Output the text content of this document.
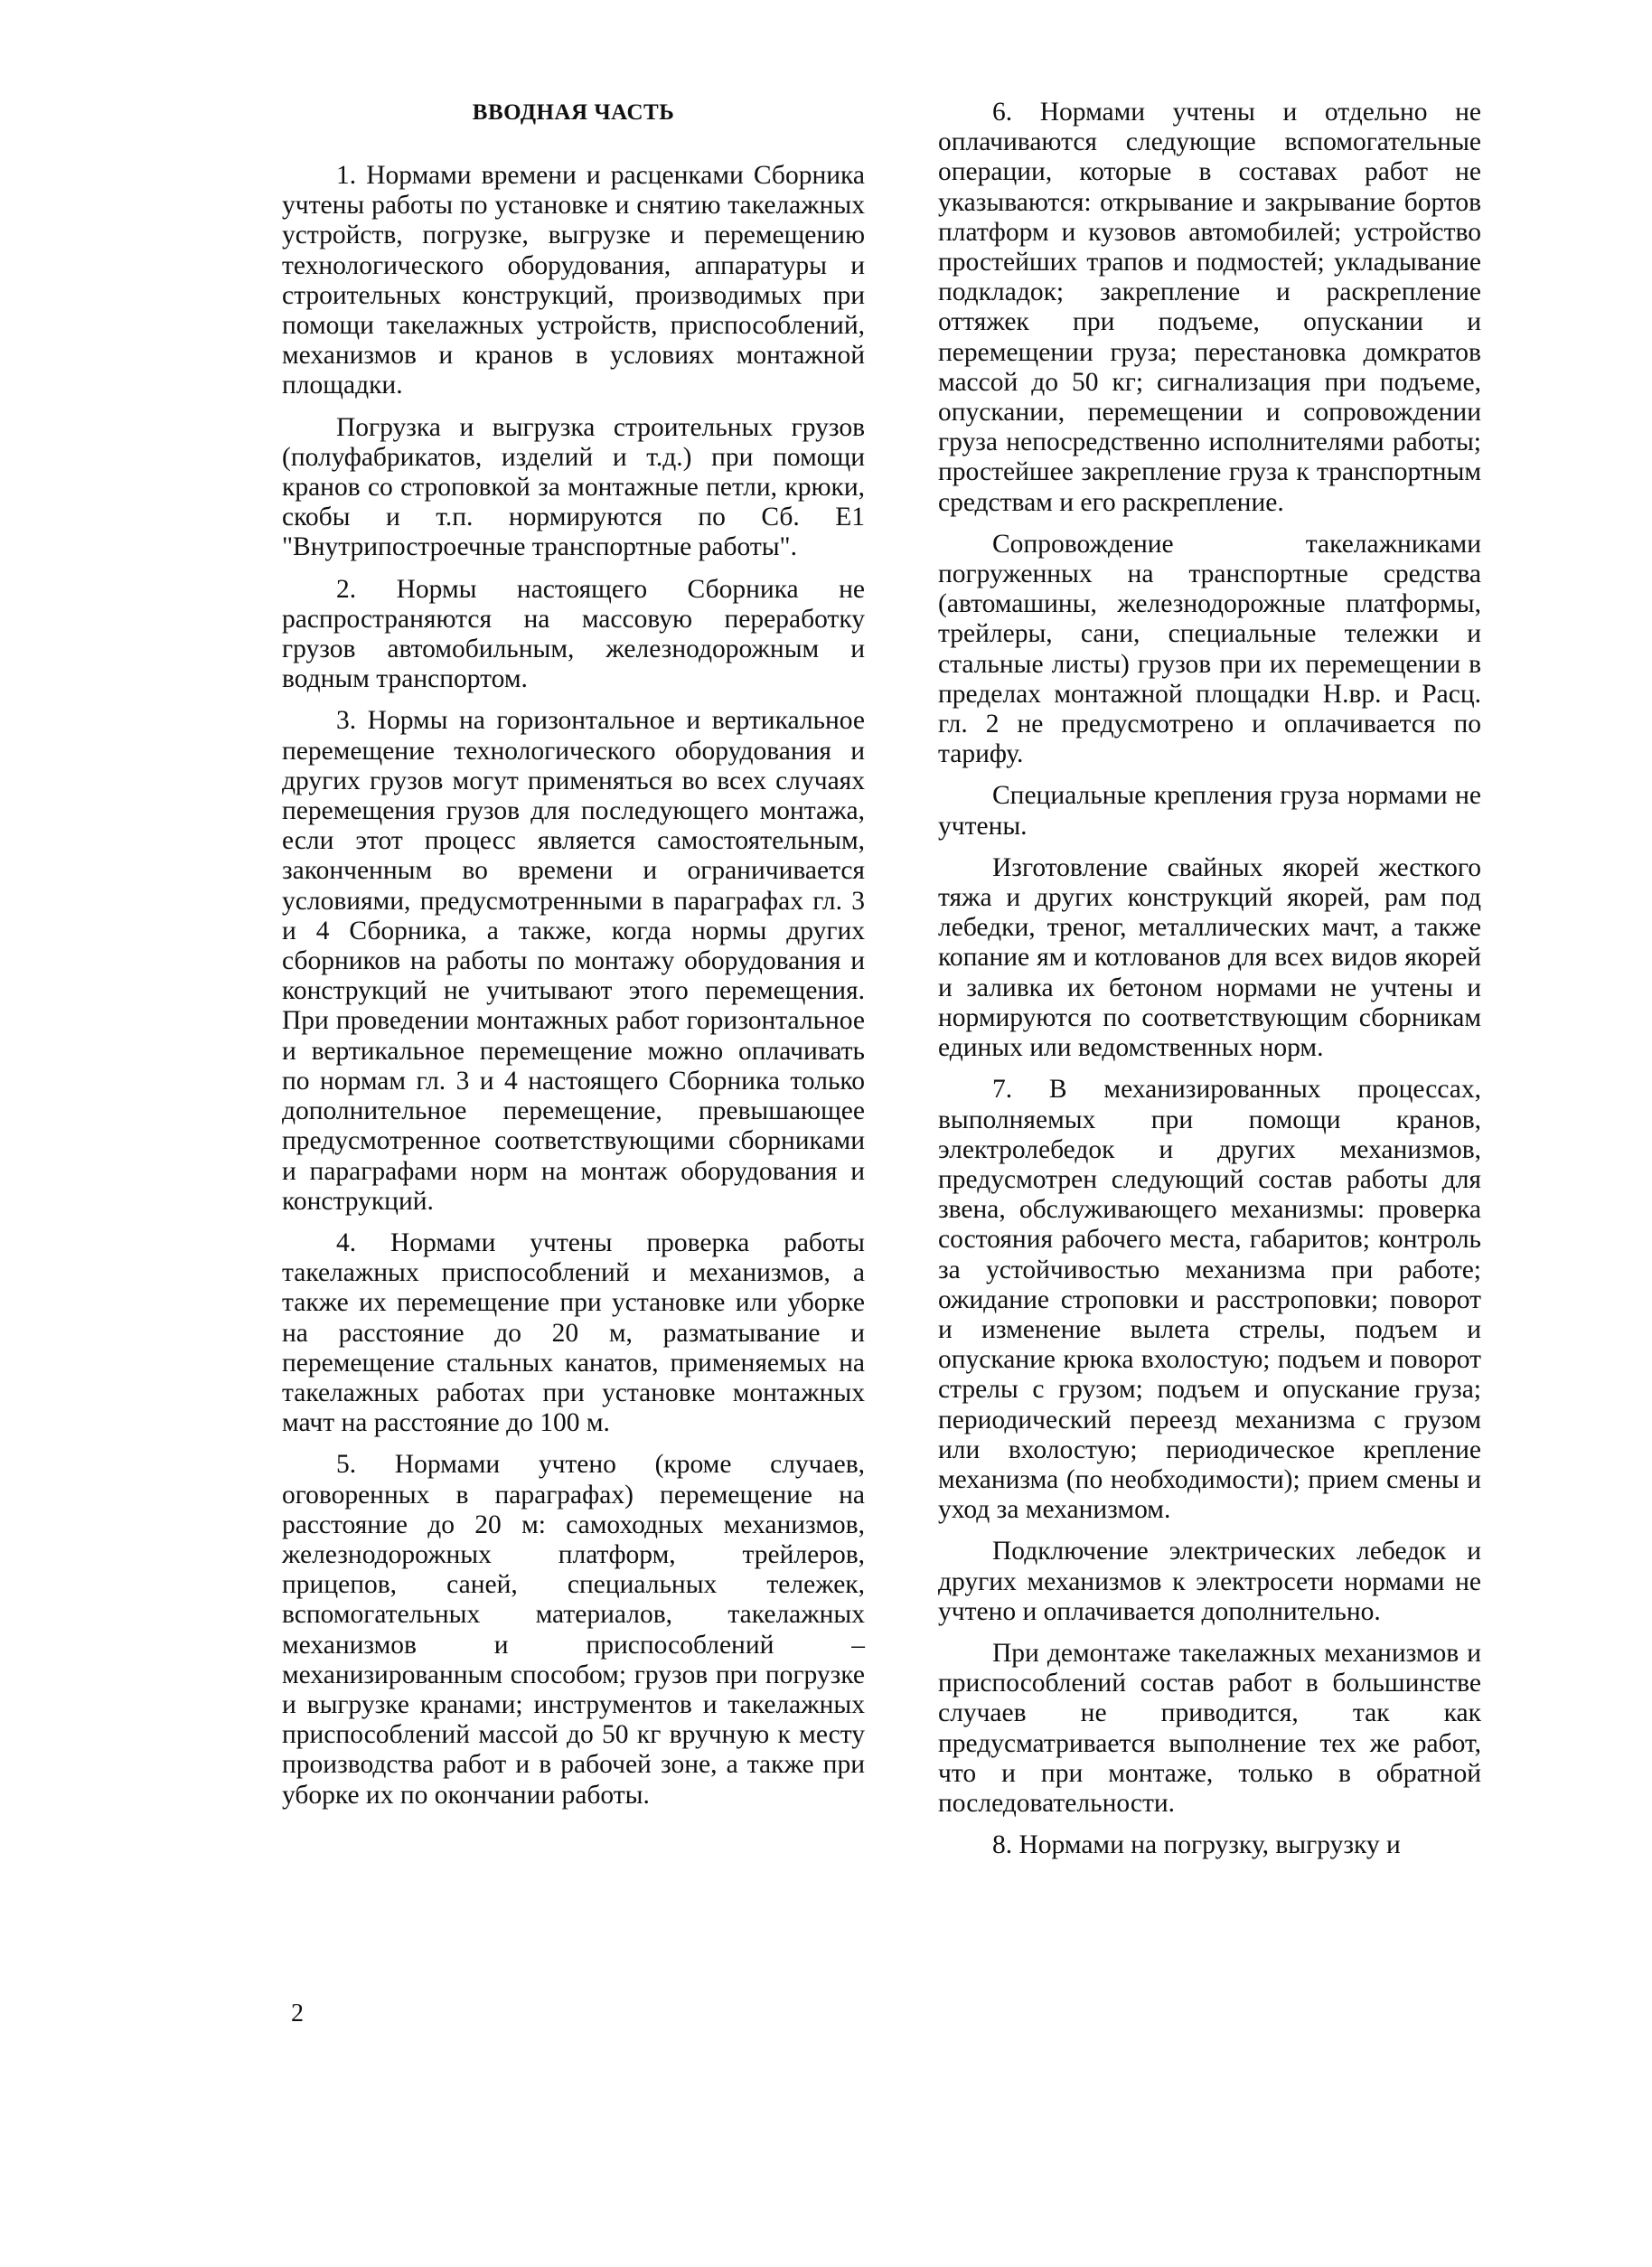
ВВОДНАЯ ЧАСТЬ

1. Нормами времени и расценками Сборника учтены работы по установке и снятию такелажных устройств, погрузке, выгрузке и перемещению технологического оборудования, аппаратуры и строительных конструкций, производимых при помощи такелажных устройств, приспособлений, механизмов и кранов в условиях монтажной площадки.

Погрузка и выгрузка строительных грузов (полуфабрикатов, изделий и т.д.) при помощи кранов со строповкой за монтажные петли, крюки, скобы и т.п. нормируются по Сб. Е1 "Внутрипостроечные транспортные работы".

2. Нормы настоящего Сборника не распространяются на массовую переработку грузов автомобильным, железнодорожным и водным транспортом.

3. Нормы на горизонтальное и вертикальное перемещение технологического оборудования и других грузов могут применяться во всех случаях перемещения грузов для последующего монтажа, если этот процесс является самостоятельным, законченным во времени и ограничивается условиями, предусмотренными в параграфах гл. 3 и 4 Сборника, а также, когда нормы других сборников на работы по монтажу оборудования и конструкций не учитывают этого перемещения. При проведении монтажных работ горизонтальное и вертикальное перемещение можно оплачивать по нормам гл. 3 и 4 настоящего Сборника только дополнительное перемещение, превышающее предусмотренное соответствующими сборниками и параграфами норм на монтаж оборудования и конструкций.

4. Нормами учтены проверка работы такелажных приспособлений и механизмов, а также их перемещение при установке или уборке на расстояние до 20 м, разматывание и перемещение стальных канатов, применяемых на такелажных работах при установке монтажных мачт на расстояние до 100 м.

5. Нормами учтено (кроме случаев, оговоренных в параграфах) перемещение на расстояние до 20 м: самоходных механизмов, железнодорожных платформ, трейлеров, прицепов, саней, специальных тележек, вспомогательных материалов, такелажных механизмов и приспособлений – механизированным способом; грузов при погрузке и выгрузке кранами; инструментов и такелажных приспособлений массой до 50 кг вручную к месту производства работ и в рабочей зоне, а также при уборке их по окончании работы.

6. Нормами учтены и отдельно не оплачиваются следующие вспомогательные операции, которые в составах работ не указываются: открывание и закрывание бортов платформ и кузовов автомобилей; устройство простейших трапов и подмостей; укладывание подкладок; закрепление и раскрепление оттяжек при подъеме, опускании и перемещении груза; перестановка домкратов массой до 50 кг; сигнализация при подъеме, опускании, перемещении и сопровождении груза непосредственно исполнителями работы; простейшее закрепление груза к транспортным средствам и его раскрепление.

Сопровождение такелажниками погруженных на транспортные средства (автомашины, железнодорожные платформы, трейлеры, сани, специальные тележки и стальные листы) грузов при их перемещении в пределах монтажной площадки Н.вр. и Расц. гл. 2 не предусмотрено и оплачивается по тарифу.

Специальные крепления груза нормами не учтены.

Изготовление свайных якорей жесткого тяжа и других конструкций якорей, рам под лебедки, треног, металлических мачт, а также копание ям и котлованов для всех видов якорей и заливка их бетоном нормами не учтены и нормируются по соответствующим сборникам единых или ведомственных норм.

7. В механизированных процессах, выполняемых при помощи кранов, электролебедок и других механизмов, предусмотрен следующий состав работы для звена, обслуживающего механизмы: проверка состояния рабочего места, габаритов; контроль за устойчивостью механизма при работе; ожидание строповки и расстроповки; поворот и изменение вылета стрелы, подъем и опускание крюка вхолостую; подъем и поворот стрелы с грузом; подъем и опускание груза; периодический переезд механизма с грузом или вхолостую; периодическое крепление механизма (по необходимости); прием смены и уход за механизмом.

Подключение электрических лебедок и других механизмов к электросети нормами не учтено и оплачивается дополнительно.

При демонтаже такелажных механизмов и приспособлений состав работ в большинстве случаев не приводится, так как предусматривается выполнение тех же работ, что и при монтаже, только в обратной последовательности.

8. Нормами на погрузку, выгрузку и

2
